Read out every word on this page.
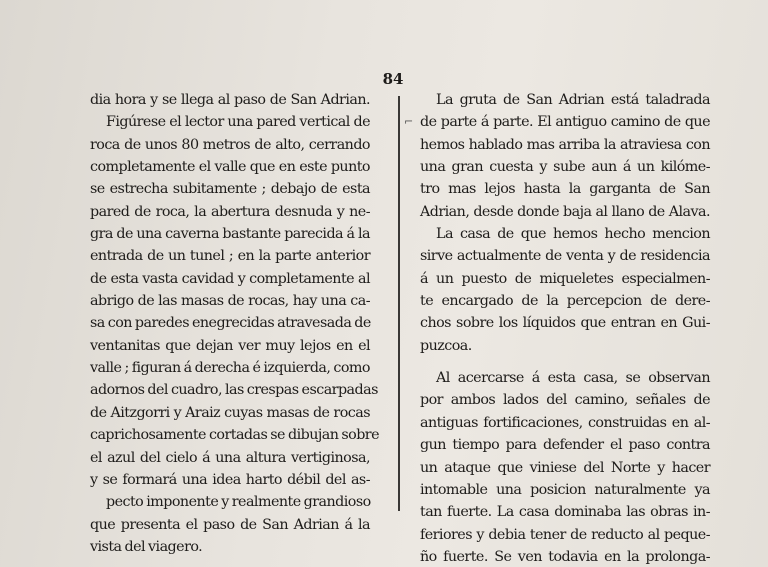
84
⌐
dia hora y se llega al paso de San Adrian.
Figúrese el lector una pared vertical de
roca de unos 80 metros de alto, cerrando
completamente el valle que en este punto
se estrecha subitamente ; debajo de esta
pared de roca, la abertura desnuda y ne-
gra de una caverna bastante parecida á la
entrada de un tunel ; en la parte anterior
de esta vasta cavidad y completamente al
abrigo de las masas de rocas, hay una ca-
sa con paredes enegrecidas atravesada de
ventanitas que dejan ver muy lejos en el
valle ; figuran á derecha é izquierda, como
adornos del cuadro, las crespas escarpadas
de Aitzgorri y Araiz cuyas masas de rocas
caprichosamente cortadas se dibujan sobre
el azul del cielo á una altura vertiginosa,
y se formará una idea harto débil del as-
pecto imponente y realmente grandioso
que presenta el paso de San Adrian á la
vista del viagero.
La gruta de San Adrian está taladrada
de parte á parte. El antiguo camino de que
hemos hablado mas arriba la atraviesa con
una gran cuesta y sube aun á un kilóme-
tro mas lejos hasta la garganta de San
Adrian, desde donde baja al llano de Alava.
La casa de que hemos hecho mencion
sirve actualmente de venta y de residencia
á un puesto de miqueletes especialmen-
te encargado de la percepcion de dere-
chos sobre los líquidos que entran en Gui-
puzcoa.
Al acercarse á esta casa, se observan
por ambos lados del camino, señales de
antiguas fortificaciones, construidas en al-
gun tiempo para defender el paso contra
un ataque que viniese del Norte y hacer
intomable una posicion naturalmente ya
tan fuerte. La casa dominaba las obras in-
feriores y debia tener de reducto al peque-
ño fuerte. Se ven todavia en la prolonga-
